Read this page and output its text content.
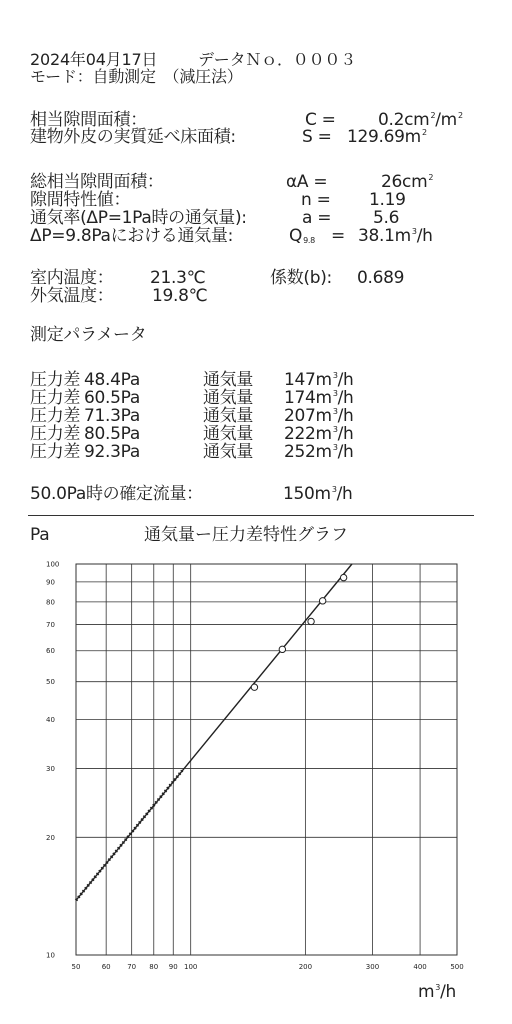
2024年04月17日	データＮｏ．０００３
モード：自動測定　（減圧法）
相当隙間面積：	$C = 0.2cm^2/m^2$
建物外皮の実質延べ床面積:	$S = 129.69m^2$
総相当隙間面積：	αA =	$26cm^2$
隙間特性値：	n = 1.19
通気率(ΔP=1Pa時の通気量):	a = 5.6
ΔP=9.8Paにおける通気量:	$Q_{9.8} = 38.1m^3/h$
室内温度： 21.3℃	係数(b): 0.689
外気温度： 19.8℃
測定パラメータ
圧力差 48.4Pa	通気量 $147m^3/h$
圧力差 60.5Pa	通気量 $174m^3/h$
圧力差 71.3Pa	通気量 $207m^3/h$
圧力差 80.5Pa	通気量 $222m^3/h$
圧力差 92.3Pa	通気量 $252m^3/h$
50.0Pa時の確定流量：	$150m^3/h$
Pa	通気量ー圧力差特性グラフ
50	60 70 80 90 100	200	300	400	500
10
20
30
40
50
60
70
80
90
100
$m^3/h$
